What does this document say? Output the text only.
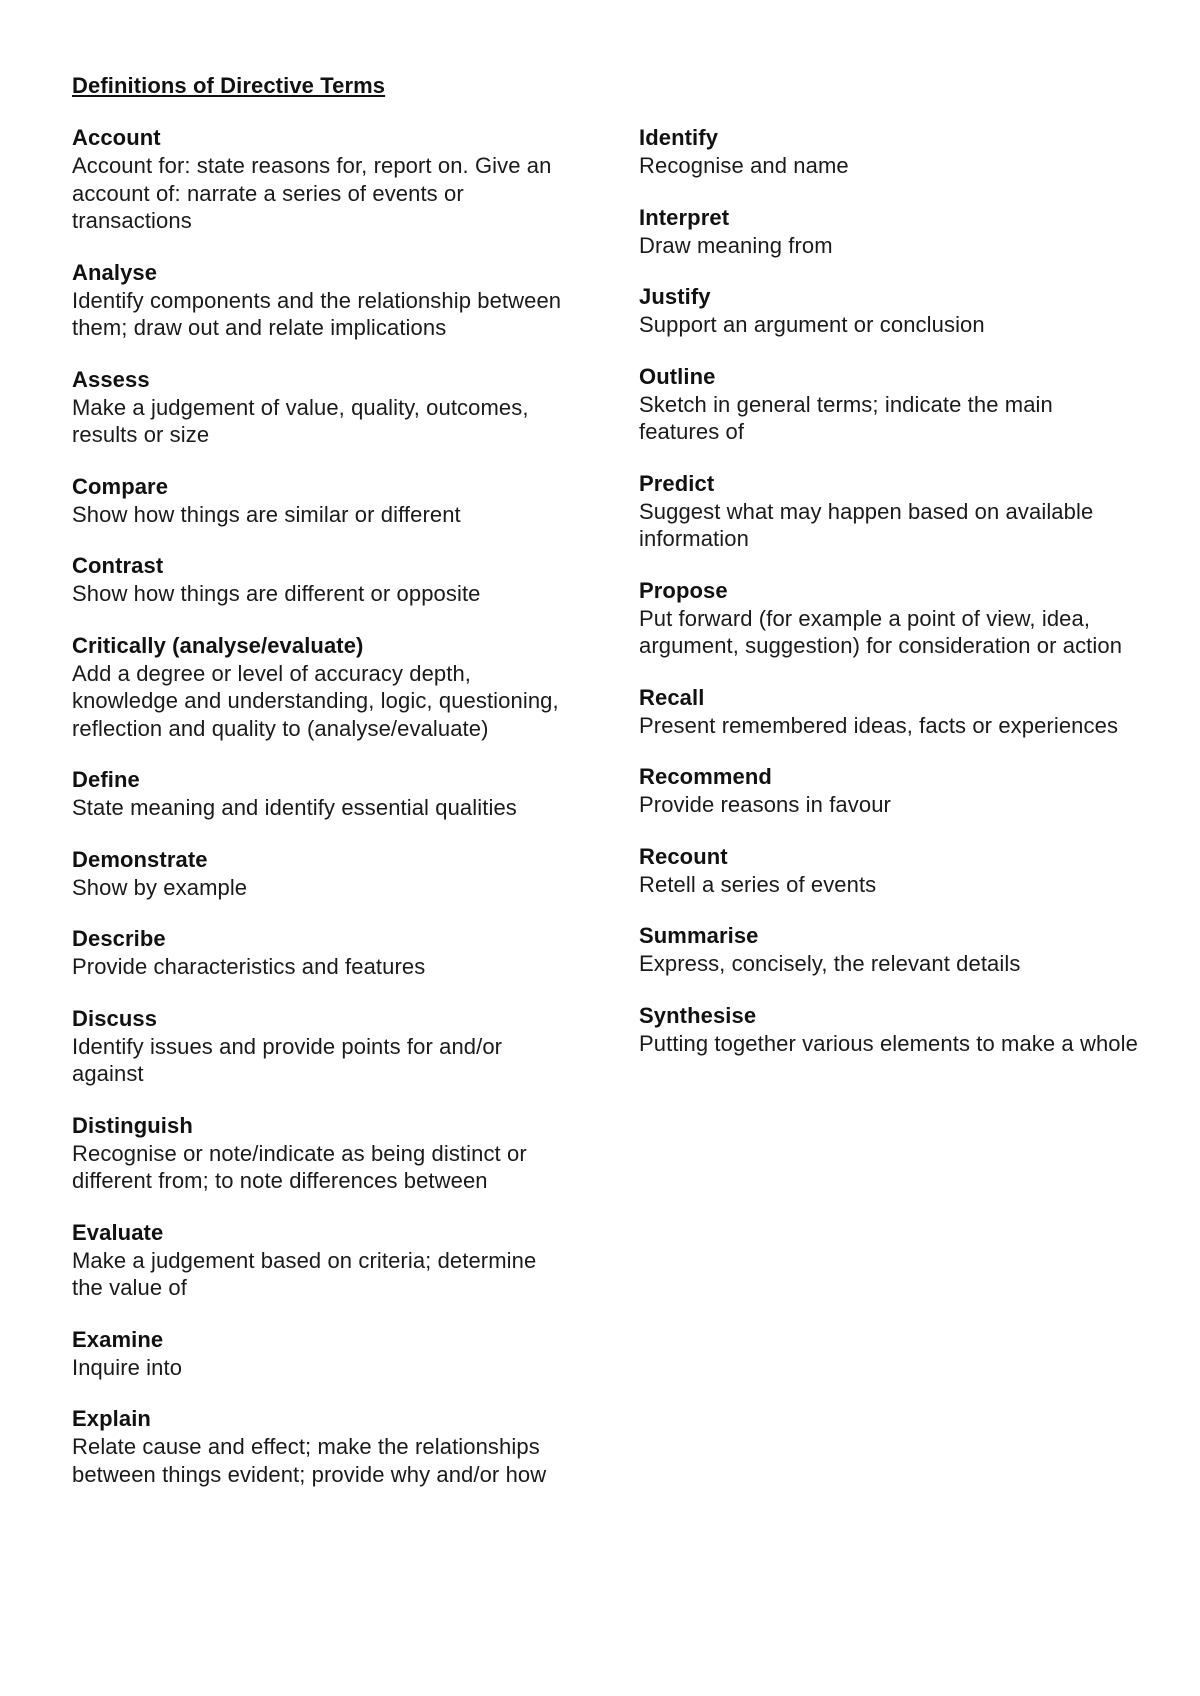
Definitions of Directive Terms
Account
Account for: state reasons for, report on. Give an account of: narrate a series of events or transactions
Analyse
Identify components and the relationship between them; draw out and relate implications
Assess
Make a judgement of value, quality, outcomes, results or size
Compare
Show how things are similar or different
Contrast
Show how things are different or opposite
Critically (analyse/evaluate)
Add a degree or level of accuracy depth, knowledge and understanding, logic, questioning, reflection and quality to (analyse/evaluate)
Define
State meaning and identify essential qualities
Demonstrate
Show by example
Describe
Provide characteristics and features
Discuss
Identify issues and provide points for and/or against
Distinguish
Recognise or note/indicate as being distinct or different from; to note differences between
Evaluate
Make a judgement based on criteria; determine the value of
Examine
Inquire into
Explain
Relate cause and effect; make the relationships between things evident; provide why and/or how
Identify
Recognise and name
Interpret
Draw meaning from
Justify
Support an argument or conclusion
Outline
Sketch in general terms; indicate the main features of
Predict
Suggest what may happen based on available information
Propose
Put forward (for example a point of view, idea, argument, suggestion) for consideration or action
Recall
Present remembered ideas, facts or experiences
Recommend
Provide reasons in favour
Recount
Retell a series of events
Summarise
Express, concisely, the relevant details
Synthesise
Putting together various elements to make a whole
